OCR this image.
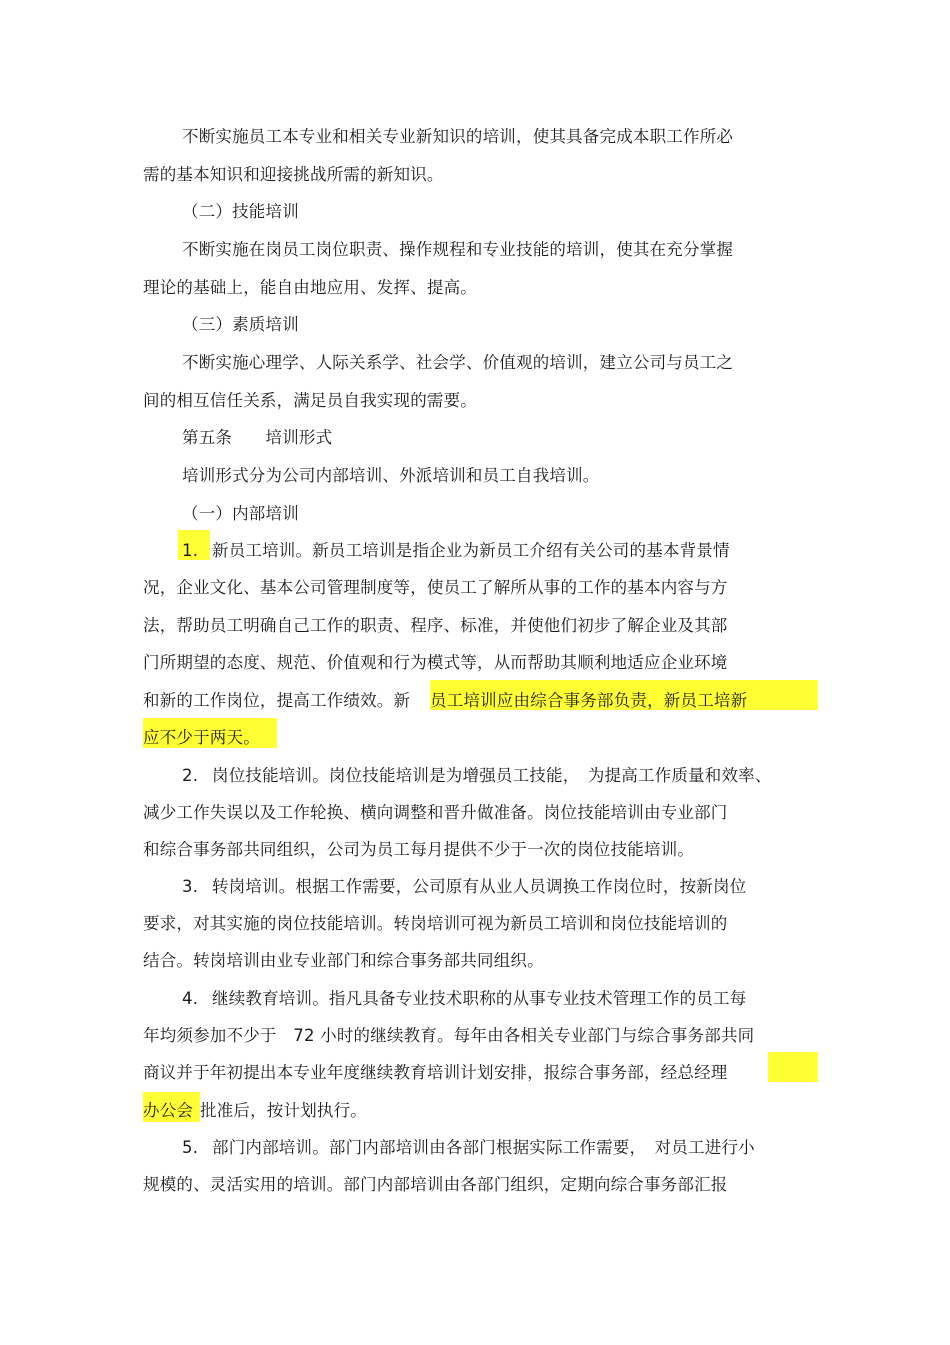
不断实施员工本专业和相关专业新知识的培训，使其具备完成本职工作所必
需的基本知识和迎接挑战所需的新知识。
（二）技能培训
不断实施在岗员工岗位职责、操作规程和专业技能的培训，使其在充分掌握
理论的基础上，能自由地应用、发挥、提高。
（三）素质培训
不断实施心理学、人际关系学、社会学、价值观的培训，建立公司与员工之
间的相互信任关系，满足员自我实现的需要。
第五条　　培训形式
培训形式分为公司内部培训、外派培训和员工自我培训。
（一）内部培训
1. 新员工培训。新员工培训是指企业为新员工介绍有关公司的基本背景情
况，企业文化、基本公司管理制度等，使员工了解所从事的工作的基本内容与方
法，帮助员工明确自己工作的职责、程序、标准，并使他们初步了解企业及其部
门所期望的态度、规范、价值观和行为模式等，从而帮助其顺利地适应企业环境
和新的工作岗位，提高工作绩效。新 员工培训应由综合事务部负责，新员工培新
应不少于两天。
2. 岗位技能培训。岗位技能培训是为增强员工技能，　为提高工作质量和效率、
减少工作失误以及工作轮换、横向调整和晋升做准备。岗位技能培训由专业部门
和综合事务部共同组织，公司为员工每月提供不少于一次的岗位技能培训。
3. 转岗培训。根据工作需要，公司原有从业人员调换工作岗位时，按新岗位
要求，对其实施的岗位技能培训。转岗培训可视为新员工培训和岗位技能培训的
结合。转岗培训由业专业部门和综合事务部共同组织。
4. 继续教育培训。指凡具备专业技术职称的从事专业技术管理工作的员工每
年均须参加不少于　72 小时的继续教育。每年由各相关专业部门与综合事务部共同
商议并于年初提出本专业年度继续教育培训计划安排，报综合事务部，经总经理
办公会 批准后，按计划执行。
5. 部门内部培训。部门内部培训由各部门根据实际工作需要，　对员工进行小
规模的、灵活实用的培训。部门内部培训由各部门组织，定期向综合事务部汇报
